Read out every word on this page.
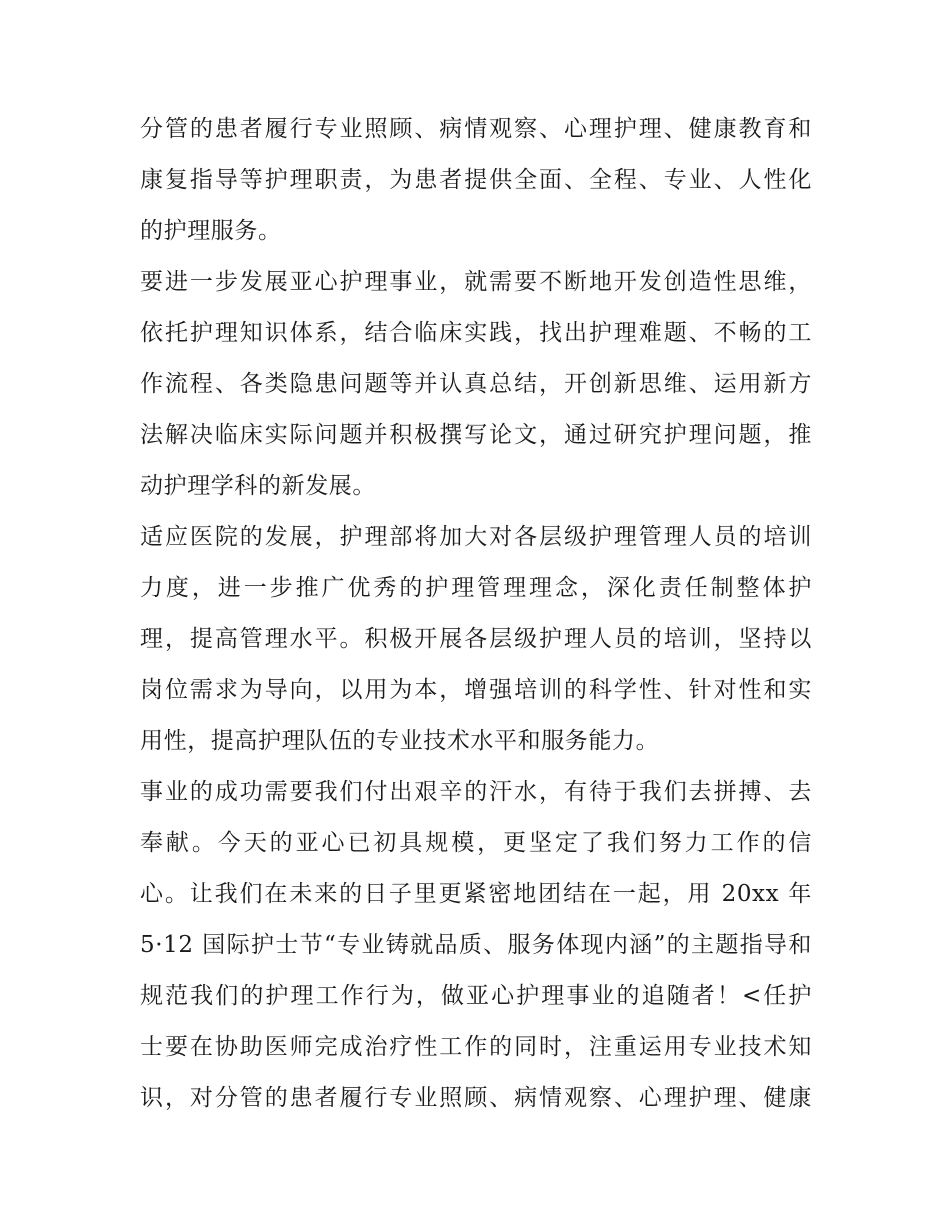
分管的患者履行专业照顾、病情观察、心理护理、健康教育和
康复指导等护理职责，为患者提供全面、全程、专业、人性化
的护理服务。
要进一步发展亚心护理事业，就需要不断地开发创造性思维，
依托护理知识体系，结合临床实践，找出护理难题、不畅的工
作流程、各类隐患问题等并认真总结，开创新思维、运用新方
法解决临床实际问题并积极撰写论文，通过研究护理问题，推
动护理学科的新发展。
适应医院的发展，护理部将加大对各层级护理管理人员的培训
力度，进一步推广优秀的护理管理理念，深化责任制整体护
理，提高管理水平。积极开展各层级护理人员的培训，坚持以
岗位需求为导向，以用为本，增强培训的科学性、针对性和实
用性，提高护理队伍的专业技术水平和服务能力。
事业的成功需要我们付出艰辛的汗水，有待于我们去拼搏、去
奉献。今天的亚心已初具规模，更坚定了我们努力工作的信
心。让我们在未来的日子里更紧密地团结在一起，用 20xx 年
5·12 国际护士节“专业铸就品质、服务体现内涵”的主题指导和
规范我们的护理工作行为，做亚心护理事业的追随者！<任护
士要在协助医师完成治疗性工作的同时，注重运用专业技术知
识，对分管的患者履行专业照顾、病情观察、心理护理、健康
